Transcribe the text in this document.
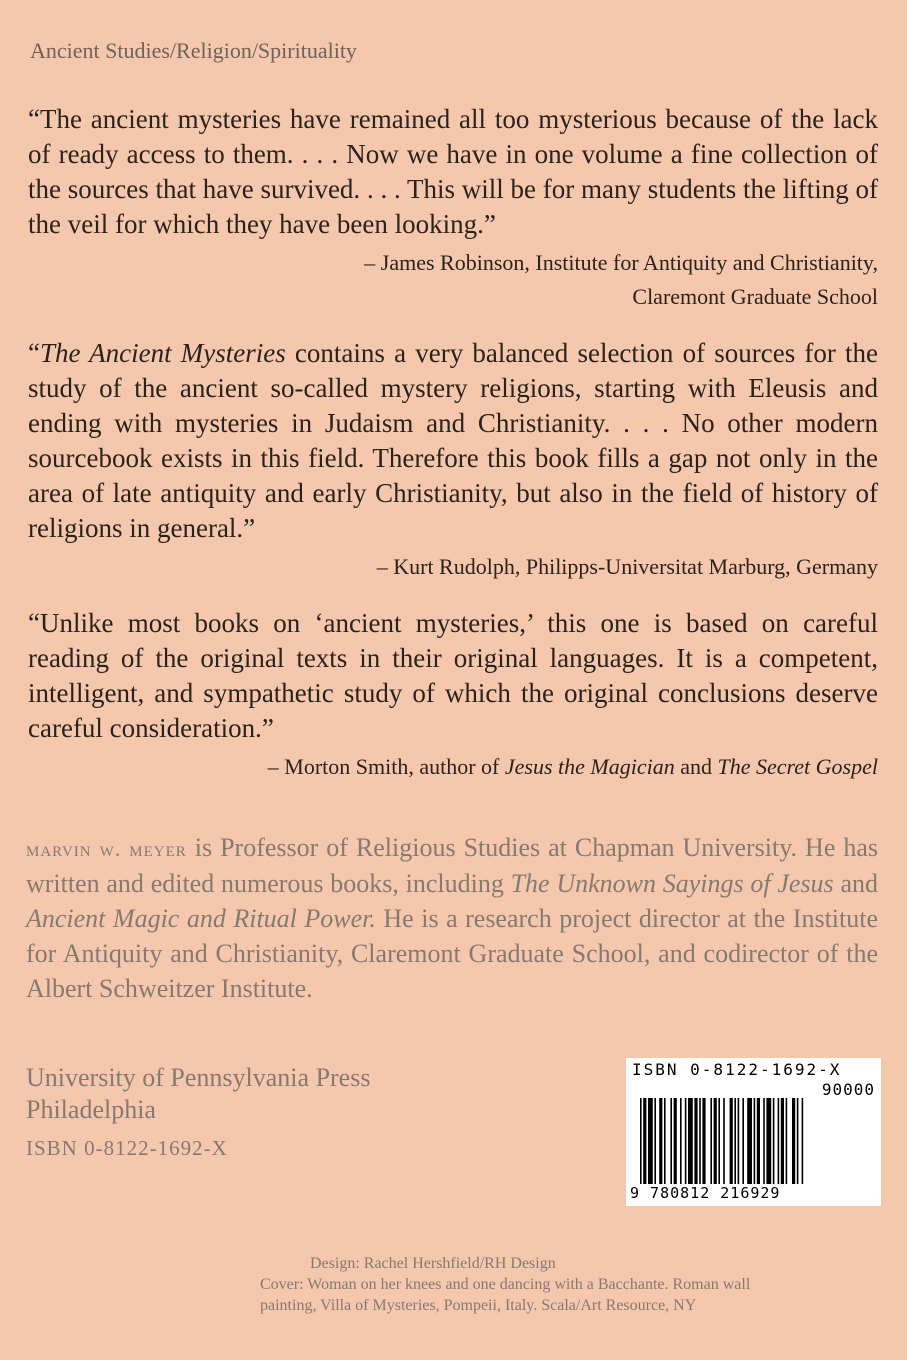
Ancient Studies/Religion/Spirituality

“The ancient mysteries have remained all too mysterious because of the lack of ready access to them. . . . Now we have in one volume a fine collection of the sources that have survived. . . . This will be for many students the lifting of the veil for which they have been looking.”

– James Robinson, Institute for Antiquity and Christianity,
Claremont Graduate School

“The Ancient Mysteries contains a very balanced selection of sources for the study of the ancient so-called mystery religions, starting with Eleusis and ending with mysteries in Judaism and Christianity. . . . No other modern sourcebook exists in this field. Therefore this book fills a gap not only in the area of late antiquity and early Christianity, but also in the field of history of religions in general.”

– Kurt Rudolph, Philipps-Universitat Marburg, Germany

“Unlike most books on ‘ancient mysteries,’ this one is based on careful reading of the original texts in their original languages. It is a competent, intelligent, and sympathetic study of which the original conclusions deserve careful consideration.”

– Morton Smith, author of Jesus the Magician and The Secret Gospel
marvin w. meyer is Professor of Religious Studies at Chapman University. He has written and edited numerous books, including The Unknown Sayings of Jesus and Ancient Magic and Ritual Power. He is a research project director at the Institute for Antiquity and Christianity, Claremont Graduate School, and codirector of the Albert Schweitzer Institute.
University of Pennsylvania Press
Philadelphia
ISBN 0-8122-1692-X
ISBN 0-8122-1692-X
90000
9 780812 216929
Design: Rachel Hershfield/RH Design
Cover: Woman on her knees and one dancing with a Bacchante. Roman wall
painting, Villa of Mysteries, Pompeii, Italy. Scala/Art Resource, NY
